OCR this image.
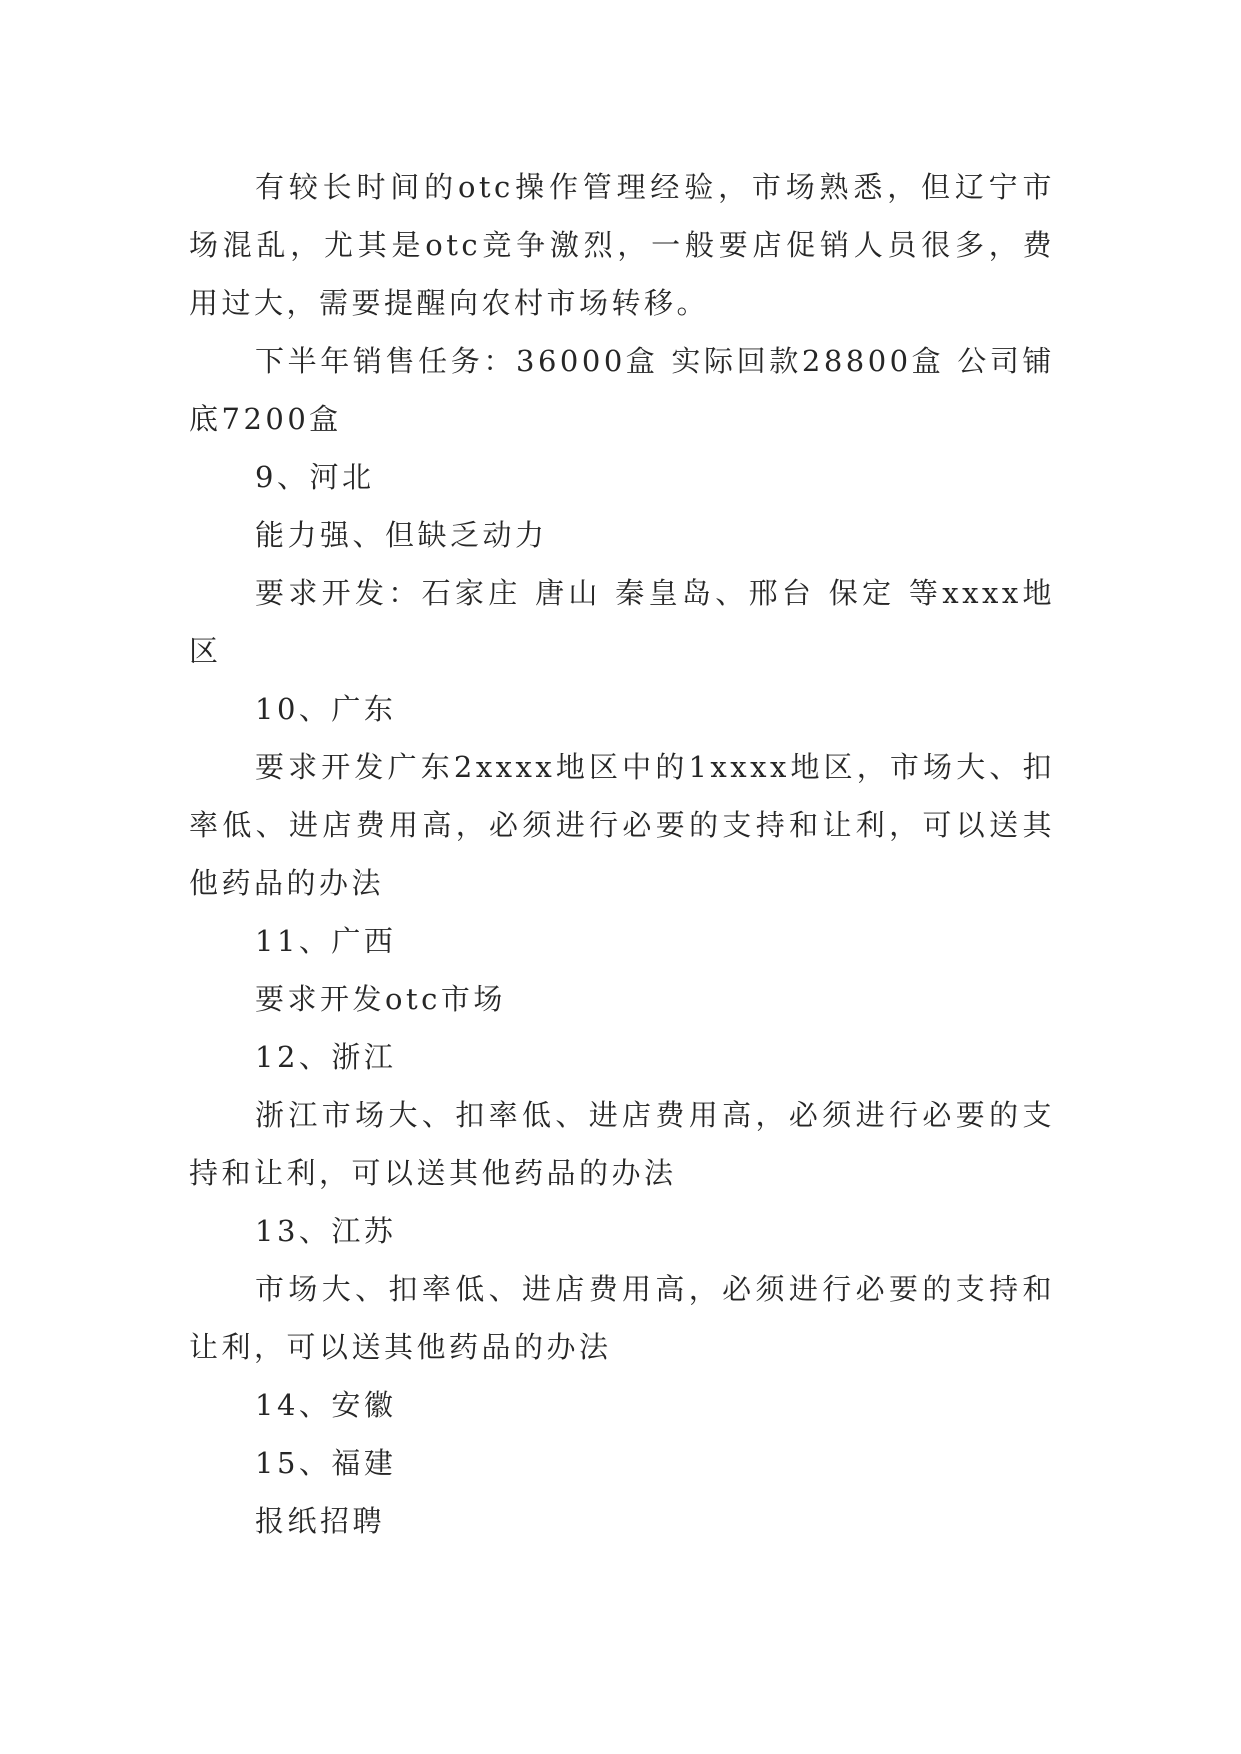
有较长时间的otc操作管理经验，市场熟悉，但辽宁市场混乱，尤其是otc竞争激烈，一般要店促销人员很多，费用过大，需要提醒向农村市场转移。

下半年销售任务：36000盒 实际回款28800盒 公司铺底7200盒

9、河北

能力强、但缺乏动力

要求开发：石家庄 唐山 秦皇岛、邢台 保定 等xxxx地区

10、广东

要求开发广东2xxxx地区中的1xxxx地区，市场大、扣率低、进店费用高，必须进行必要的支持和让利，可以送其他药品的办法

11、广西

要求开发otc市场

12、浙江

浙江市场大、扣率低、进店费用高，必须进行必要的支持和让利，可以送其他药品的办法

13、江苏

市场大、扣率低、进店费用高，必须进行必要的支持和让利，可以送其他药品的办法

14、安徽

15、福建

报纸招聘
